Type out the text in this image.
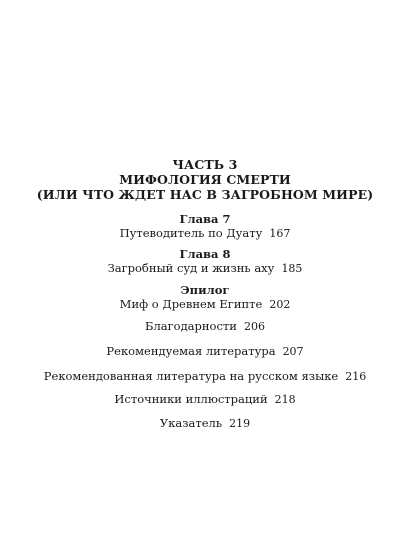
ЧАСТЬ 3
МИФОЛОГИЯ СМЕРТИ
(ИЛИ ЧТО ЖДЕТ НАС В ЗАГРОБНОМ МИРЕ)
Глава 7
Путеводитель по Дуату 167
Глава 8
Загробный суд и жизнь аху 185
Эпилог
Миф о Древнем Египте 202
Благодарности 206
Рекомендуемая литература 207
Рекомендованная литература на русском языке 216
Источники иллюстраций 218
Указатель 219
